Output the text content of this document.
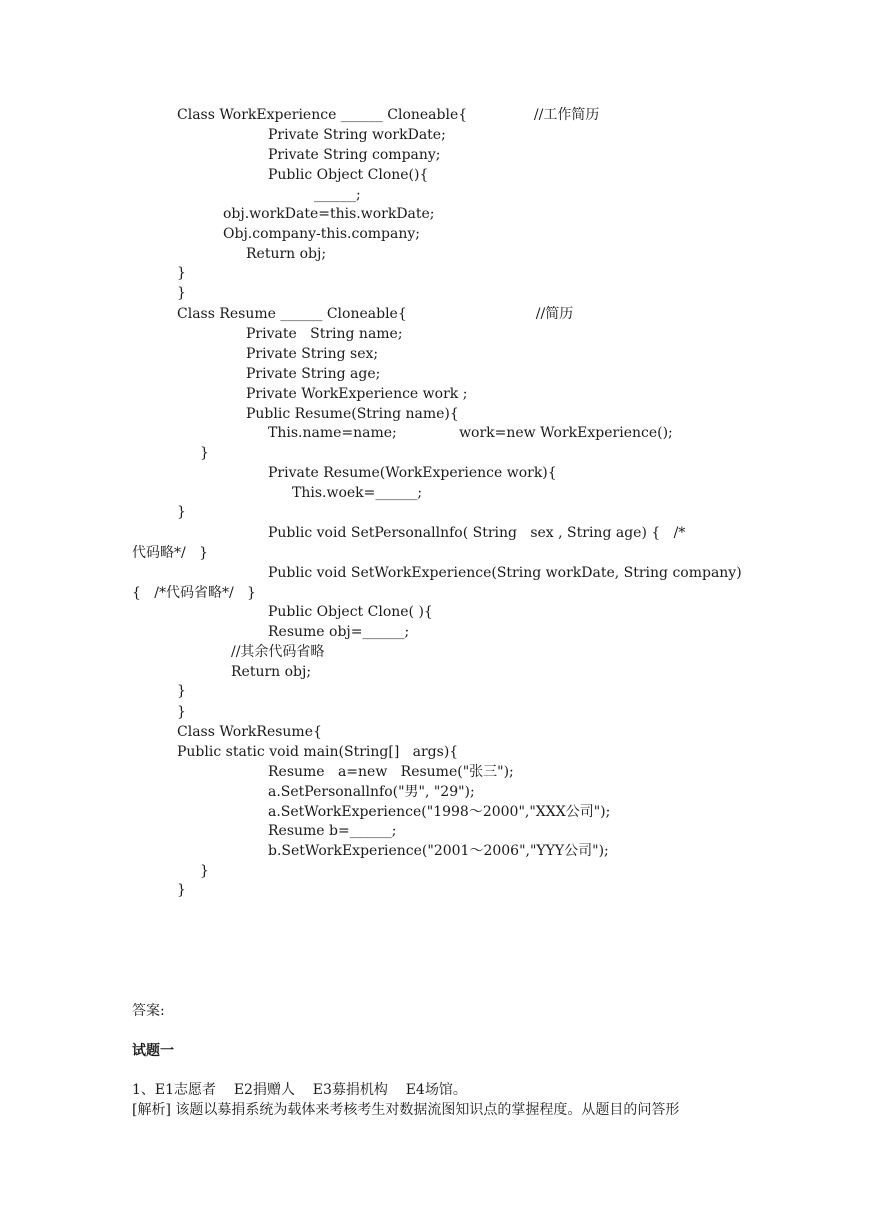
Class WorkExperience ______ Cloneable{               //工作简历
Private String workDate;
Private String company;
Public Object Clone(){
______;
obj.workDate=this.workDate;
Obj.company-this.company;
Return obj;
}
}
Class Resume ______ Cloneable{                             //简历
Private   String name;
Private String sex;
Private String age;
Private WorkExperience work ;
Public Resume(String name){
This.name=name;              work=new WorkExperience();
}
Private Resume(WorkExperience work){
This.woek=______;
}
Public void SetPersonallnfo( String   sex , String age) {   /*
代码略*/   }
Public void SetWorkExperience(String workDate, String company)
{   /*代码省略*/   }
Public Object Clone( ){
Resume obj=______;
//其余代码省略
Return obj;
}
}
Class WorkResume{
Public static void main(String[]   args){
Resume   a=new   Resume("张三");
a.SetPersonallnfo("男", "29");
a.SetWorkExperience("1998～2000","XXX公司");
Resume b=______;
b.SetWorkExperience("2001～2006","YYY公司");
}
}
答案:
试题一
1、E1志愿者    E2捐赠人    E3募捐机构    E4场馆。
[解析] 该题以募捐系统为载体来考核考生对数据流图知识点的掌握程度。从题目的问答形
